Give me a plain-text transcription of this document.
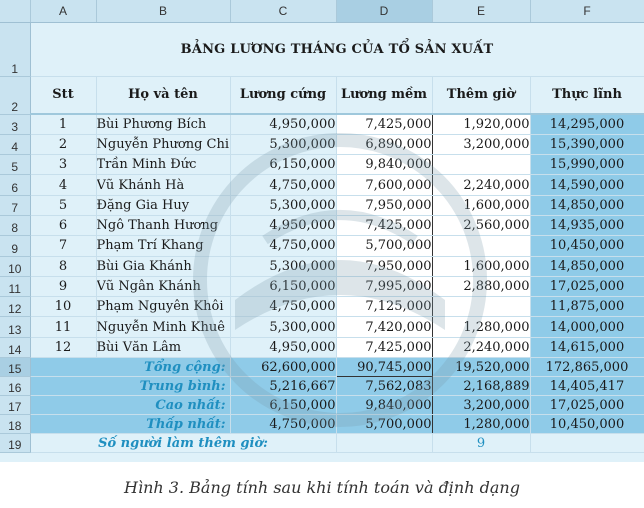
	A	B	C	D	E	F
1	BẢNG LƯƠNG THÁNG CỦA TỔ SẢN XUẤT					
2	Stt	Họ và tên	Lương cứng	Lương mềm	Thêm giờ	Thực lĩnh
3	1	Bùi Phương Bích	4,950,000	7,425,000	1,920,000	14,295,000
4	2	Nguyễn Phương Chi	5,300,000	6,890,000	3,200,000	15,390,000
5	3	Trần Minh Đức	6,150,000	9,840,000		15,990,000
6	4	Vũ Khánh Hà	4,750,000	7,600,000	2,240,000	14,590,000
7	5	Đặng Gia Huy	5,300,000	7,950,000	1,600,000	14,850,000
8	6	Ngô Thanh Hương	4,950,000	7,425,000	2,560,000	14,935,000
9	7	Phạm Trí Khang	4,750,000	5,700,000		10,450,000
10	8	Bùi Gia Khánh	5,300,000	7,950,000	1,600,000	14,850,000
11	9	Vũ Ngân Khánh	6,150,000	7,995,000	2,880,000	17,025,000
12	10	Phạm Nguyên Khôi	4,750,000	7,125,000		11,875,000
13	11	Nguyễn Minh Khuê	5,300,000	7,420,000	1,280,000	14,000,000
14	12	Bùi Văn Lâm	4,950,000	7,425,000	2,240,000	14,615,000
15	Tổng cộng:		62,600,000	90,745,000	19,520,000	172,865,000
16	Trung bình:		5,216,667	7,562,083	2,168,889	14,405,417
17	Cao nhất:		6,150,000	9,840,000	3,200,000	17,025,000
18	Thấp nhất:		4,750,000	5,700,000	1,280,000	10,450,000
19	Số người làm thêm giờ:				9	
Hình 3. Bảng tính sau khi tính toán và định dạng
